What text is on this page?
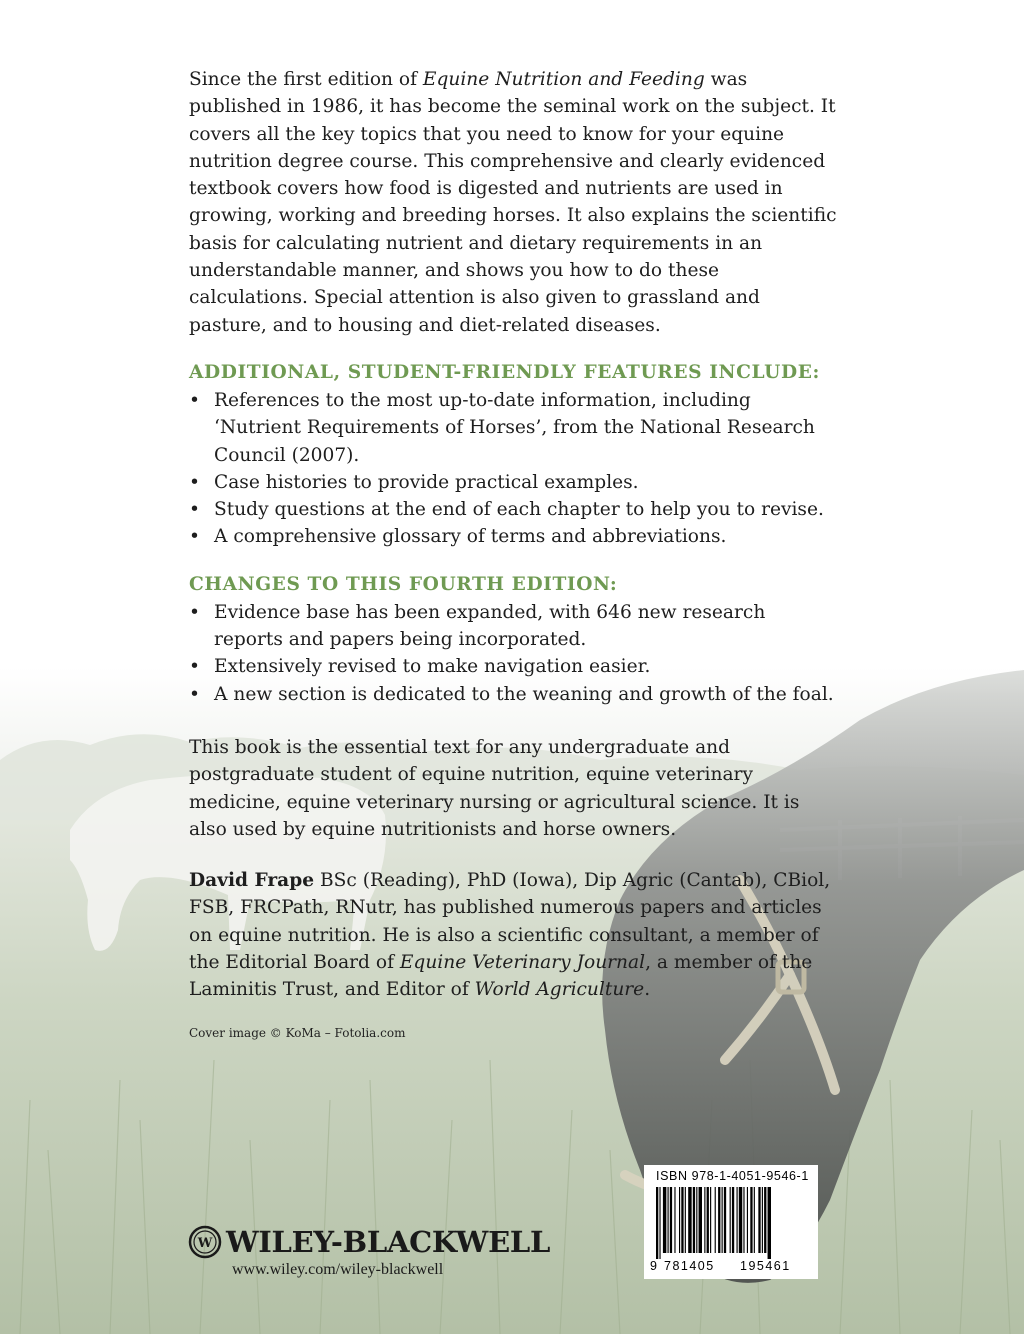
Since the first edition of Equine Nutrition and Feeding was published in 1986, it has become the seminal work on the subject. It covers all the key topics that you need to know for your equine nutrition degree course. This comprehensive and clearly evidenced textbook covers how food is digested and nutrients are used in growing, working and breeding horses. It also explains the scientific basis for calculating nutrient and dietary requirements in an understandable manner, and shows you how to do these calculations. Special attention is also given to grassland and pasture, and to housing and diet-related diseases.

ADDITIONAL, STUDENT-FRIENDLY FEATURES INCLUDE:
• References to the most up-to-date information, including ‘Nutrient Requirements of Horses’, from the National Research Council (2007).
• Case histories to provide practical examples.
• Study questions at the end of each chapter to help you to revise.
• A comprehensive glossary of terms and abbreviations.
CHANGES TO THIS FOURTH EDITION:
• Evidence base has been expanded, with 646 new research reports and papers being incorporated.
• Extensively revised to make navigation easier.
• A new section is dedicated to the weaning and growth of the foal.

This book is the essential text for any undergraduate and postgraduate student of equine nutrition, equine veterinary medicine, equine veterinary nursing or agricultural science. It is also used by equine nutritionists and horse owners.

David Frape BSc (Reading), PhD (Iowa), Dip Agric (Cantab), CBiol, FSB, FRCPath, RNutr, has published numerous papers and articles on equine nutrition. He is also a scientific consultant, a member of the Editorial Board of Equine Veterinary Journal, a member of the Laminitis Trust, and Editor of World Agriculture.

Cover image © KoMa – Fotolia.com

W WILEY-BLACKWELL
www.wiley.com/wiley-blackwell
ISBN 978-1-4051-9546-1
9 781405 195461
